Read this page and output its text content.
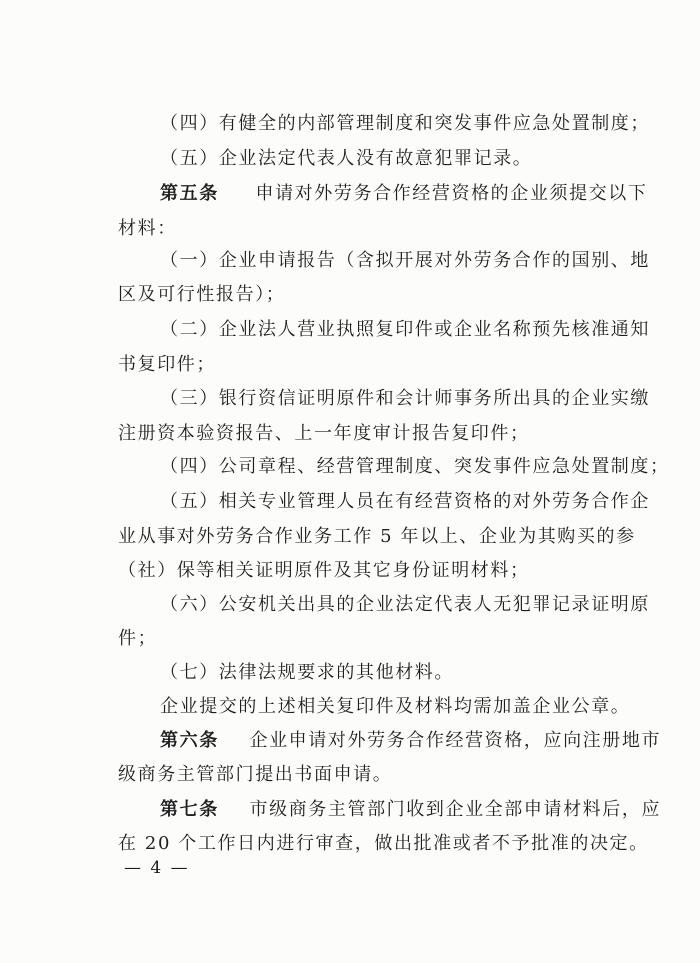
（四）有健全的内部管理制度和突发事件应急处置制度；
（五）企业法定代表人没有故意犯罪记录。
第五条 申请对外劳务合作经营资格的企业须提交以下
材料：
（一）企业申请报告（含拟开展对外劳务合作的国别、地
区及可行性报告）；
（二）企业法人营业执照复印件或企业名称预先核准通知
书复印件；
（三）银行资信证明原件和会计师事务所出具的企业实缴
注册资本验资报告、上一年度审计报告复印件；
（四）公司章程、经营管理制度、突发事件应急处置制度；
（五）相关专业管理人员在有经营资格的对外劳务合作企
业从事对外劳务合作业务工作 5 年以上、企业为其购买的参
（社）保等相关证明原件及其它身份证明材料；
（六）公安机关出具的企业法定代表人无犯罪记录证明原
件；
（七）法律法规要求的其他材料。
企业提交的上述相关复印件及材料均需加盖企业公章。
第六条 企业申请对外劳务合作经营资格，应向注册地市
级商务主管部门提出书面申请。
第七条 市级商务主管部门收到企业全部申请材料后，应
在 20 个工作日内进行审查，做出批准或者不予批准的决定。
— 4 —
